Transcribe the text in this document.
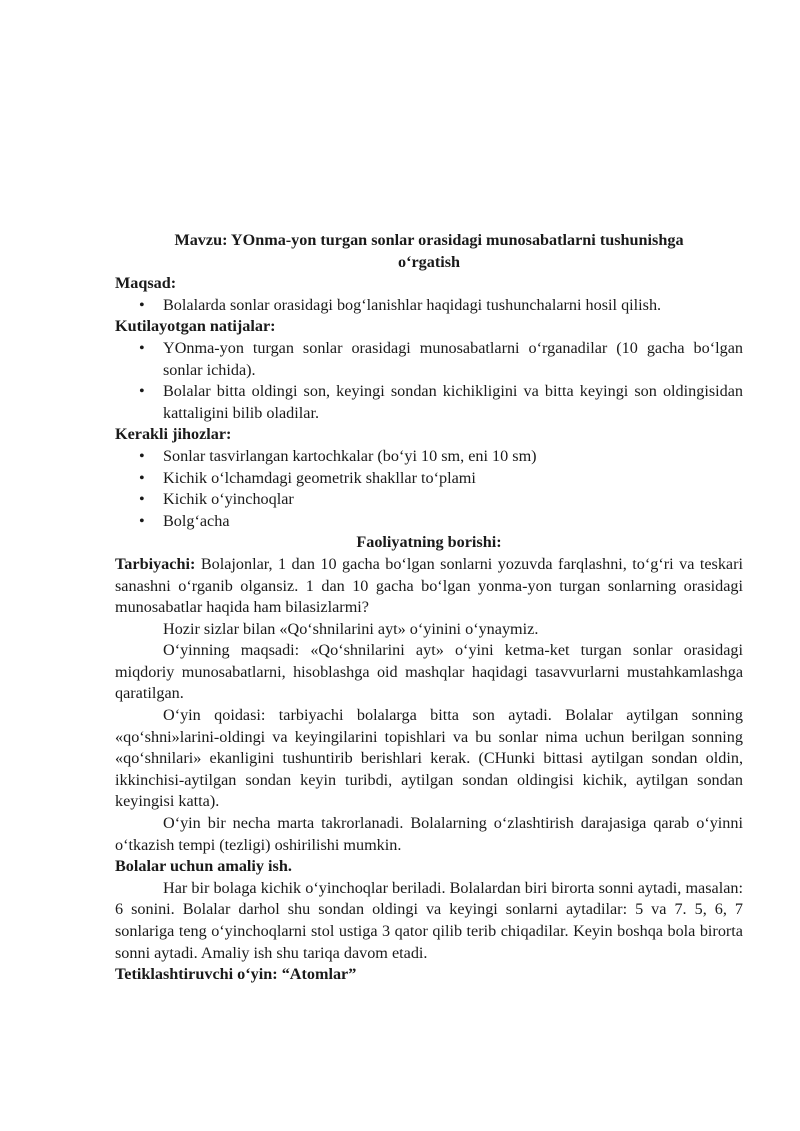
Mavzu: YOnma-yon turgan sonlar orasidagi munosabatlarni tushunishga
o‘rgatish

Maqsad:

• Bolalarda sonlar orasidagi bog‘lanishlar haqidagi tushunchalarni hosil qilish.

Kutilayotgan natijalar:

• YOnma-yon turgan sonlar orasidagi munosabatlarni o‘rganadilar (10 gacha bo‘lgan sonlar ichida).
• Bolalar bitta oldingi son, keyingi sondan kichikligini va bitta keyingi son oldingisidan kattaligini bilib oladilar.

Kerakli jihozlar:

• Sonlar tasvirlangan kartochkalar (bo‘yi 10 sm, eni 10 sm)
• Kichik o‘lchamdagi geometrik shakllar to‘plami
• Kichik o‘yinchoqlar
• Bolg‘acha

Faoliyatning borishi:

Tarbiyachi: Bolajonlar, 1 dan 10 gacha bo‘lgan sonlarni yozuvda farqlashni, to‘g‘ri va teskari sanashni o‘rganib olgansiz. 1 dan 10 gacha bo‘lgan yonma-yon turgan sonlarning orasidagi munosabatlar haqida ham bilasizlarmi?

Hozir sizlar bilan «Qo‘shnilarini ayt» o‘yinini o‘ynaymiz.

O‘yinning maqsadi: «Qo‘shnilarini ayt» o‘yini ketma-ket turgan sonlar orasidagi miqdoriy munosabatlarni, hisoblashga oid mashqlar haqidagi tasavvurlarni mustahkamlashga qaratilgan.

O‘yin qoidasi: tarbiyachi bolalarga bitta son aytadi. Bolalar aytilgan sonning «qo‘shni»larini-oldingi va keyingilarini topishlari va bu sonlar nima uchun berilgan sonning «qo‘shnilari» ekanligini tushuntirib berishlari kerak. (CHunki bittasi aytilgan sondan oldin, ikkinchisi-aytilgan sondan keyin turibdi, aytilgan sondan oldingisi kichik, aytilgan sondan keyingisi katta).

O‘yin bir necha marta takrorlanadi. Bolalarning o‘zlashtirish darajasiga qarab o‘yinni o‘tkazish tempi (tezligi) oshirilishi mumkin.

Bolalar uchun amaliy ish.

Har bir bolaga kichik o‘yinchoqlar beriladi. Bolalardan biri birorta sonni aytadi, masalan: 6 sonini. Bolalar darhol shu sondan oldingi va keyingi sonlarni aytadilar: 5 va 7. 5, 6, 7 sonlariga teng o‘yinchoqlarni stol ustiga 3 qator qilib terib chiqadilar. Keyin boshqa bola birorta sonni aytadi. Amaliy ish shu tariqa davom etadi.

Tetiklashtiruvchi o‘yin: “Atomlar”
